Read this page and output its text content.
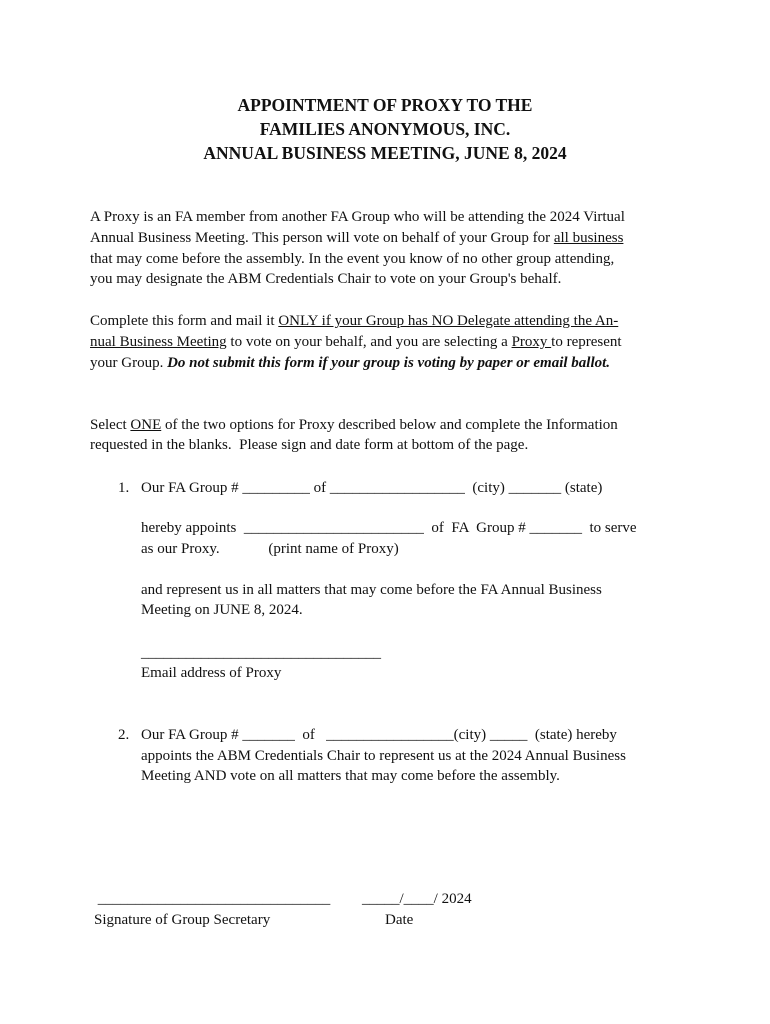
APPOINTMENT OF PROXY TO THE
FAMILIES ANONYMOUS, INC.
ANNUAL BUSINESS MEETING, JUNE 8, 2024
A Proxy is an FA member from another FA Group who will be attending the 2024 Virtual
Annual Business Meeting. This person will vote on behalf of your Group for all business
that may come before the assembly. In the event you know of no other group attending,
you may designate the ABM Credentials Chair to vote on your Group's behalf.
Complete this form and mail it ONLY if your Group has NO Delegate attending the An-
nual Business Meeting to vote on your behalf, and you are selecting a Proxy to represent
your Group. Do not submit this form if your group is voting by paper or email ballot.
Select ONE of the two options for Proxy described below and complete the Information
requested in the blanks.  Please sign and date form at bottom of the page.
1. Our FA Group # _________ of __________________  (city) _______ (state)
hereby appoints  ________________________  of  FA  Group # _______  to serve
as our Proxy.             (print name of Proxy)
and represent us in all matters that may come before the FA Annual Business
Meeting on JUNE 8, 2024.
________________________________
Email address of Proxy
2. Our FA Group # _______  of   _________________(city) _____  (state) hereby
appoints the ABM Credentials Chair to represent us at the 2024 Annual Business
Meeting AND vote on all matters that may come before the assembly.
_______________________________ _____/____/ 2024
Signature of Group Secretary	Date
